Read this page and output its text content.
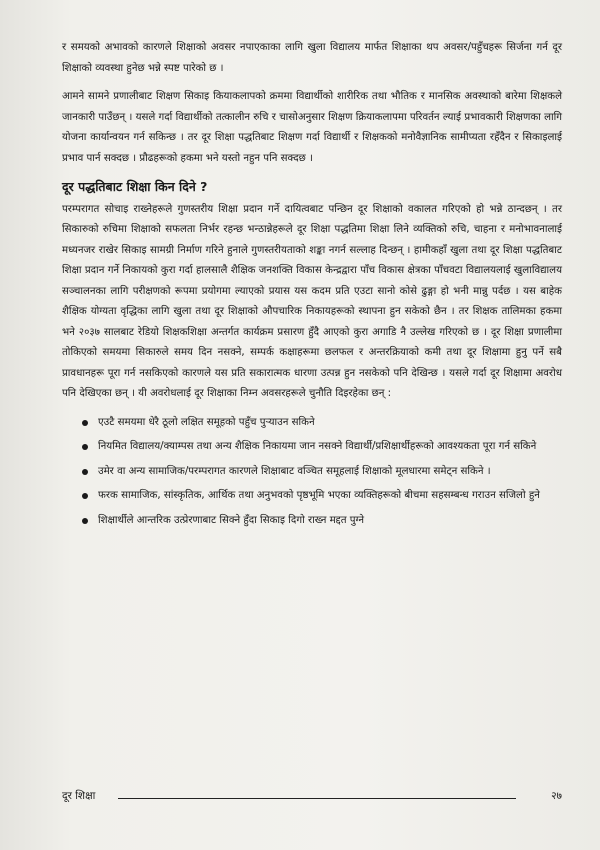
र समयको अभावको कारणले शिक्षाको अवसर नपाएकाका लागि खुला विद्यालय मार्फत शिक्षाका थप अवसर/पहुँचहरू सिर्जना गर्न दूर शिक्षाको व्यवस्था हुनेछ भन्ने स्पष्ट पारेको छ ।

आमने सामने प्रणालीबाट शिक्षण सिकाइ कियाकलापको क्रममा विद्यार्थीको शारीरिक तथा भौतिक र मानसिक अवस्थाको बारेमा शिक्षकले जानकारी पाउँछन् । यसले गर्दा विद्यार्थीको तत्कालीन रुचि र चासोअनुसार शिक्षण क्रियाकलापमा परिवर्तन ल्याई प्रभावकारी शिक्षणका लागि योजना कार्यान्वयन गर्न सकिन्छ । तर दूर शिक्षा पद्धतिबाट शिक्षण गर्दा विद्यार्थी र शिक्षकको मनोवैज्ञानिक सामीप्यता रहँदैन र सिकाइलाई प्रभाव पार्न सक्दछ । प्रौढहरूको हकमा भने यस्तो नहुन पनि सक्दछ ।

दूर पद्धतिबाट शिक्षा किन दिने ?

परम्परागत सोचाइ राख्नेहरूले गुणस्तरीय शिक्षा प्रदान गर्ने दायित्वबाट पन्छिन दूर शिक्षाको वकालत गरिएको हो भन्ने ठान्दछन् । तर सिकारुको रुचिमा शिक्षाको सफलता निर्भर रहन्छ भन्ठान्नेहरूले दूर शिक्षा पद्धतिमा शिक्षा लिने व्यक्तिको रुचि, चाहना र मनोभावनालाई मध्यनजर राखेर सिकाइ सामग्री निर्माण गरिने हुनाले गुणस्तरीयताको शङ्का नगर्न सल्लाह दिन्छन् । हामीकहाँ खुला तथा दूर शिक्षा पद्धतिबाट शिक्षा प्रदान गर्ने निकायको कुरा गर्दा हालसालै शैक्षिक जनशक्ति विकास केन्द्रद्वारा पाँच विकास क्षेत्रका पाँचवटा विद्यालयलाई खुलाविद्यालय सञ्चालनका लागि परीक्षणको रूपमा प्रयोगमा ल्याएको प्रयास यस कदम प्रति एउटा सानो कोसे ढुङ्गा हो भनी मान्नु पर्दछ । यस बाहेक शैक्षिक योग्यता वृद्धिका लागि खुला तथा दूर शिक्षाको औपचारिक निकायहरूको स्थापना हुन सकेको छैन । तर शिक्षक तालिमका हकमा भने २०३७ सालबाट रेडियो शिक्षकशिक्षा अन्तर्गत कार्यक्रम प्रसारण हुँदै आएको कुरा अगाडि नै उल्लेख गरिएको छ । दूर शिक्षा प्रणालीमा तोकिएको समयमा सिकारुले समय दिन नसक्ने, सम्पर्क कक्षाहरूमा छलफल र अन्तरक्रियाको कमी तथा दूर शिक्षामा हुनु पर्ने सबै प्रावधानहरू पूरा गर्न नसकिएको कारणले यस प्रति सकारात्मक धारणा उत्पन्न हुन नसकेको पनि देखिन्छ । यसले गर्दा दूर शिक्षामा अवरोध पनि देखिएका छन् । यी अवरोधलाई दूर शिक्षाका निम्न अवसरहरूले चुनौति दिइरहेका छन् :

एउटै समयमा धेरै ठूलो लक्षित समूहको पहुँच पुऱ्याउन सकिने
नियमित विद्यालय/क्याम्पस तथा अन्य शैक्षिक निकायमा जान नसक्ने विद्यार्थी/प्रशिक्षार्थीहरूको आवश्यकता पूरा गर्न सकिने
उमेर वा अन्य सामाजिक/परम्परागत कारणले शिक्षाबाट वञ्चित समूहलाई शिक्षाको मूलधारमा समेट्न सकिने ।
फरक सामाजिक, सांस्कृतिक, आर्थिक तथा अनुभवको पृष्ठभूमि भएका व्यक्तिहरूको बीचमा सहसम्बन्ध गराउन सजिलो हुने
शिक्षार्थीले आन्तरिक उत्प्रेरणाबाट सिक्ने हुँदा सिकाइ दिगो राख्न मद्दत पुग्ने
दूर शिक्षा	२७
